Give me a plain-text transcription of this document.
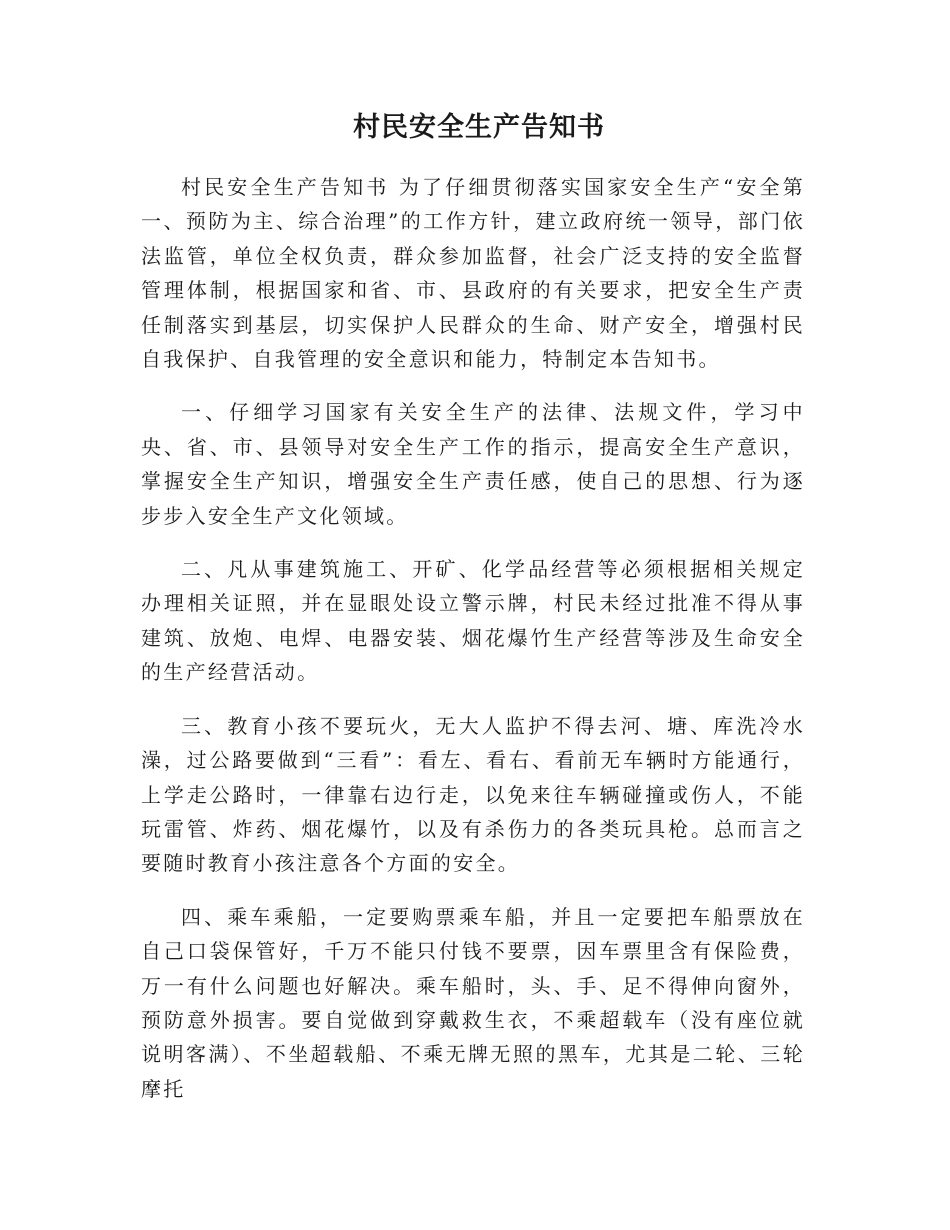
村民安全生产告知书

村民安全生产告知书 为了仔细贯彻落实国家安全生产“安全第一、预防为主、综合治理”的工作方针，建立政府统一领导，部门依法监管，单位全权负责，群众参加监督，社会广泛支持的安全监督管理体制，根据国家和省、市、县政府的有关要求，把安全生产责任制落实到基层，切实保护人民群众的生命、财产安全，增强村民自我保护、自我管理的安全意识和能力，特制定本告知书。

一、仔细学习国家有关安全生产的法律、法规文件，学习中央、省、市、县领导对安全生产工作的指示，提高安全生产意识，掌握安全生产知识，增强安全生产责任感，使自己的思想、行为逐步步入安全生产文化领域。

二、凡从事建筑施工、开矿、化学品经营等必须根据相关规定办理相关证照，并在显眼处设立警示牌，村民未经过批准不得从事建筑、放炮、电焊、电器安装、烟花爆竹生产经营等涉及生命安全的生产经营活动。

三、教育小孩不要玩火，无大人监护不得去河、塘、库洗冷水澡，过公路要做到“三看”：看左、看右、看前无车辆时方能通行，上学走公路时，一律靠右边行走，以免来往车辆碰撞或伤人，不能玩雷管、炸药、烟花爆竹，以及有杀伤力的各类玩具枪。总而言之要随时教育小孩注意各个方面的安全。

四、乘车乘船，一定要购票乘车船，并且一定要把车船票放在自己口袋保管好，千万不能只付钱不要票，因车票里含有保险费，万一有什么问题也好解决。乘车船时，头、手、足不得伸向窗外，预防意外损害。要自觉做到穿戴救生衣，不乘超载车（没有座位就说明客满）、不坐超载船、不乘无牌无照的黑车，尤其是二轮、三轮摩托
